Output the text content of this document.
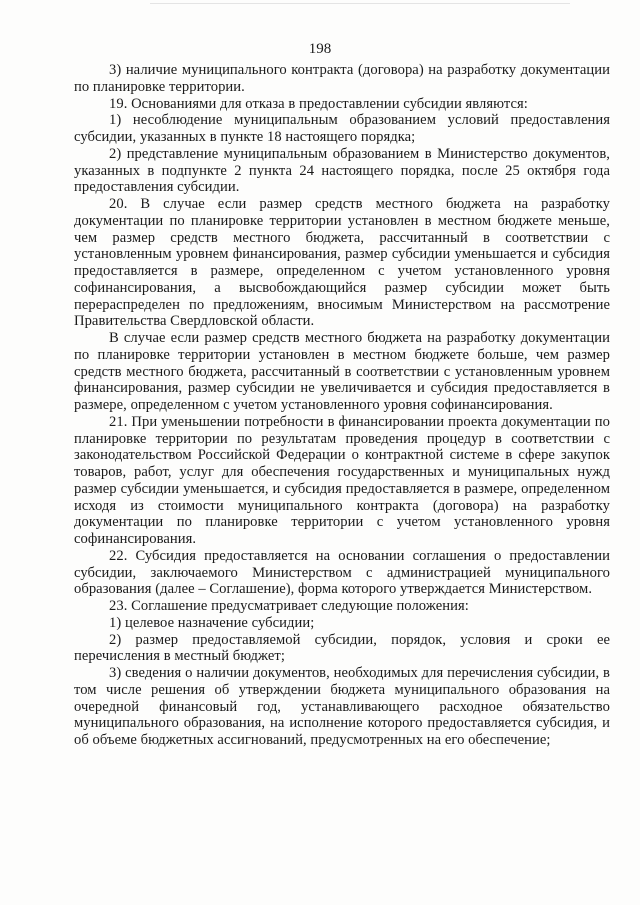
198

3) наличие муниципального контракта (договора) на разработку документации по планировке территории.

19. Основаниями для отказа в предоставлении субсидии являются:

1) несоблюдение муниципальным образованием условий предоставления субсидии, указанных в пункте 18 настоящего порядка;

2) представление муниципальным образованием в Министерство документов, указанных в подпункте 2 пункта 24 настоящего порядка, после 25 октября года предоставления субсидии.

20. В случае если размер средств местного бюджета на разработку документации по планировке территории установлен в местном бюджете меньше, чем размер средств местного бюджета, рассчитанный в соответствии с установленным уровнем финансирования, размер субсидии уменьшается и субсидия предоставляется в размере, определенном с учетом установленного уровня софинансирования, а высвобождающийся размер субсидии может быть перераспределен по предложениям, вносимым Министерством на рассмотрение Правительства Свердловской области.

В случае если размер средств местного бюджета на разработку документации по планировке территории установлен в местном бюджете больше, чем размер средств местного бюджета, рассчитанный в соответствии с установленным уровнем финансирования, размер субсидии не увеличивается и субсидия предоставляется в размере, определенном с учетом установленного уровня софинансирования.

21. При уменьшении потребности в финансировании проекта документации по планировке территории по результатам проведения процедур в соответствии с законодательством Российской Федерации о контрактной системе в сфере закупок товаров, работ, услуг для обеспечения государственных и муниципальных нужд размер субсидии уменьшается, и субсидия предоставляется в размере, определенном исходя из стоимости муниципального контракта (договора) на разработку документации по планировке территории с учетом установленного уровня софинансирования.

22. Субсидия предоставляется на основании соглашения о предоставлении субсидии, заключаемого Министерством с администрацией муниципального образования (далее – Соглашение), форма которого утверждается Министерством.

23. Соглашение предусматривает следующие положения:

1) целевое назначение субсидии;

2) размер предоставляемой субсидии, порядок, условия и сроки ее перечисления в местный бюджет;

3) сведения о наличии документов, необходимых для перечисления субсидии, в том числе решения об утверждении бюджета муниципального образования на очередной финансовый год, устанавливающего расходное обязательство муниципального образования, на исполнение которого предоставляется субсидия, и об объеме бюджетных ассигнований, предусмотренных на его обеспечение;
